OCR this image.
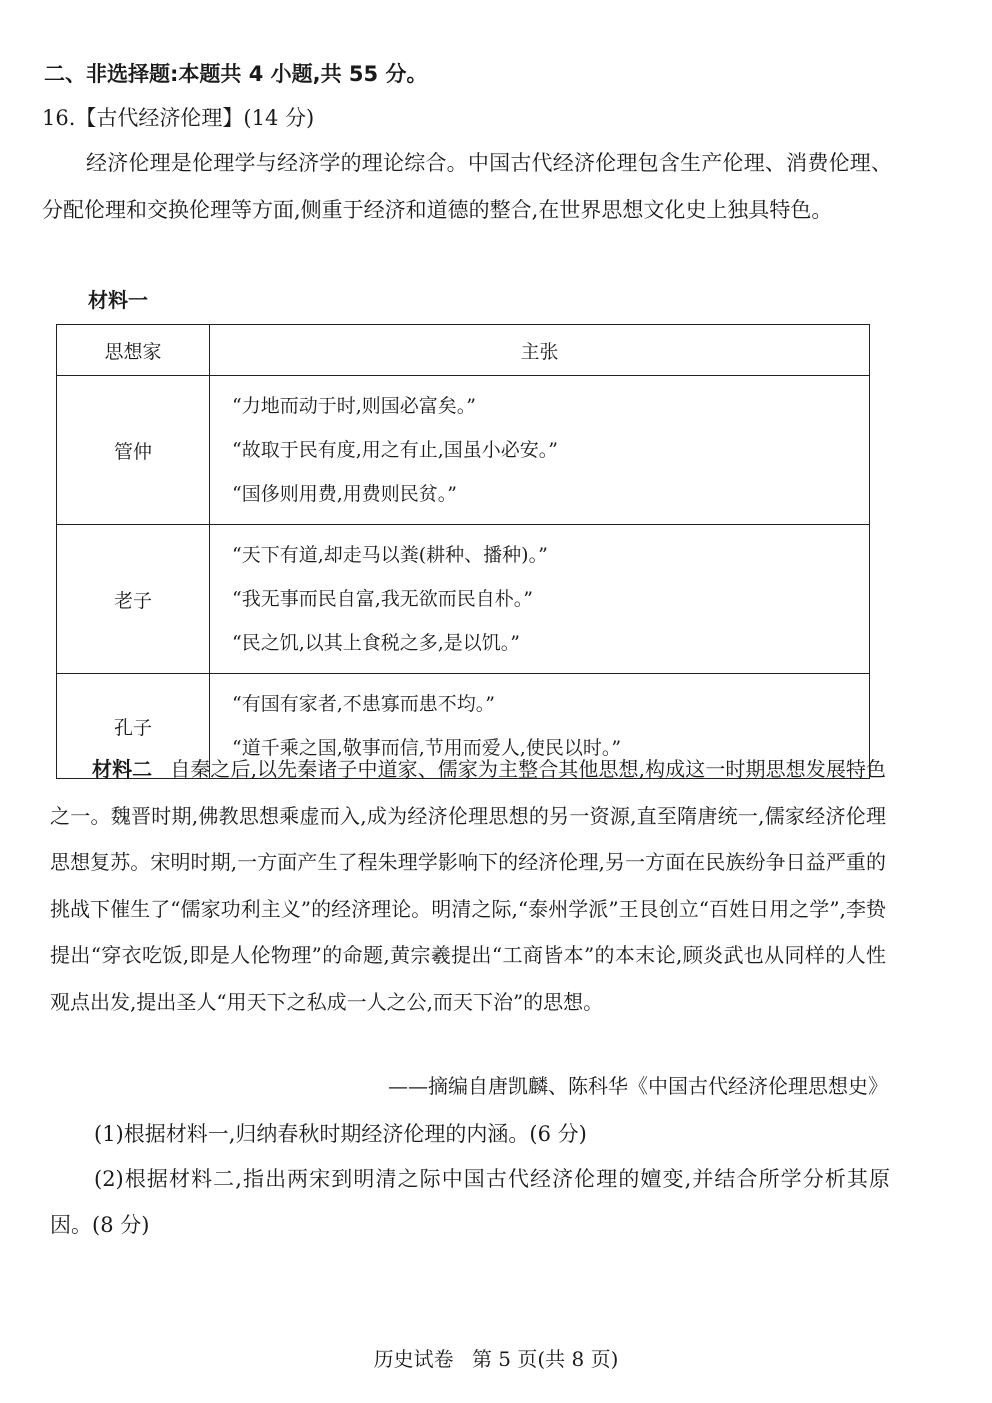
二、非选择题:本题共 4 小题,共 55 分。
16.【古代经济伦理】(14 分)
经济伦理是伦理学与经济学的理论综合。中国古代经济伦理包含生产伦理、消费伦理、分配伦理和交换伦理等方面,侧重于经济和道德的整合,在世界思想文化史上独具特色。
材料一
思想家	主张
管仲	“力地而动于时,则国必富矣。”
“故取于民有度,用之有止,国虽小必安。”
“国侈则用费,用费则民贫。”

老子	“天下有道,却走马以粪(耕种、播种)。”
“我无事而民自富,我无欲而民自朴。”
“民之饥,以其上食税之多,是以饥。”

孔子	“有国有家者,不患寡而患不均。”
“道千乘之国,敬事而信,节用而爱人,使民以时。”
材料二 自秦之后,以先秦诸子中道家、儒家为主整合其他思想,构成这一时期思想发展特色之一。魏晋时期,佛教思想乘虚而入,成为经济伦理思想的另一资源,直至隋唐统一,儒家经济伦理思想复苏。宋明时期,一方面产生了程朱理学影响下的经济伦理,另一方面在民族纷争日益严重的挑战下催生了“儒家功利主义”的经济理论。明清之际,“泰州学派”王艮创立“百姓日用之学”,李贽提出“穿衣吃饭,即是人伦物理”的命题,黄宗羲提出“工商皆本”的本末论,顾炎武也从同样的人性观点出发,提出圣人“用天下之私成一人之公,而天下治”的思想。
——摘编自唐凯麟、陈科华《中国古代经济伦理思想史》
(1)根据材料一,归纳春秋时期经济伦理的内涵。(6 分)
(2)根据材料二,指出两宋到明清之际中国古代经济伦理的嬗变,并结合所学分析其原因。(8 分)
历史试卷 第 5 页(共 8 页)
